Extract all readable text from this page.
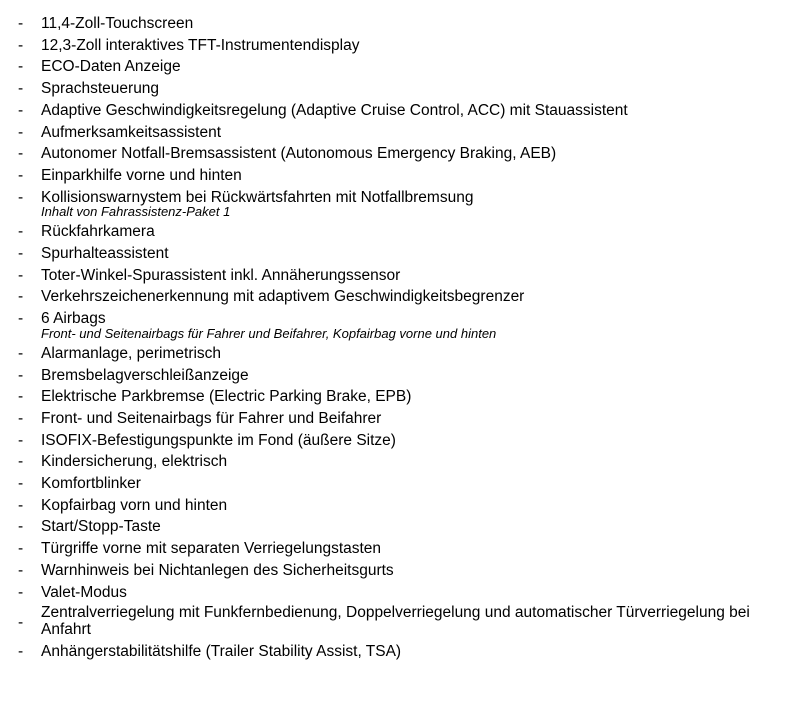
- 11,4-Zoll-Touchscreen
- 12,3-Zoll interaktives TFT-Instrumentendisplay
- ECO-Daten Anzeige
- Sprachsteuerung
- Adaptive Geschwindigkeitsregelung (Adaptive Cruise Control, ACC) mit Stauassistent
- Aufmerksamkeitsassistent
- Autonomer Notfall-Bremsassistent (Autonomous Emergency Braking, AEB)
- Einparkhilfe vorne und hinten
- Kollisionswarnystem bei Rückwärtsfahrten mit Notfallbremsung
Inhalt von Fahrassistenz-Paket 1
- Rückfahrkamera
- Spurhalteassistent
- Toter-Winkel-Spurassistent inkl. Annäherungssensor
- Verkehrszeichenerkennung mit adaptivem Geschwindigkeitsbegrenzer
- 6 Airbags
Front- und Seitenairbags für Fahrer und Beifahrer, Kopfairbag vorne und hinten
- Alarmanlage, perimetrisch
- Bremsbelagverschleißanzeige
- Elektrische Parkbremse (Electric Parking Brake, EPB)
- Front- und Seitenairbags für Fahrer und Beifahrer
- ISOFIX-Befestigungspunkte im Fond (äußere Sitze)
- Kindersicherung, elektrisch
- Komfortblinker
- Kopfairbag vorn und hinten
- Start/Stopp-Taste
- Türgriffe vorne mit separaten Verriegelungstasten
- Warnhinweis bei Nichtanlegen des Sicherheitsgurts
- Valet-Modus
-
Zentralverriegelung mit Funkfernbedienung, Doppelverriegelung und automatischer Türverriegelung bei Anfahrt
- Anhängerstabilitätshilfe (Trailer Stability Assist, TSA)
